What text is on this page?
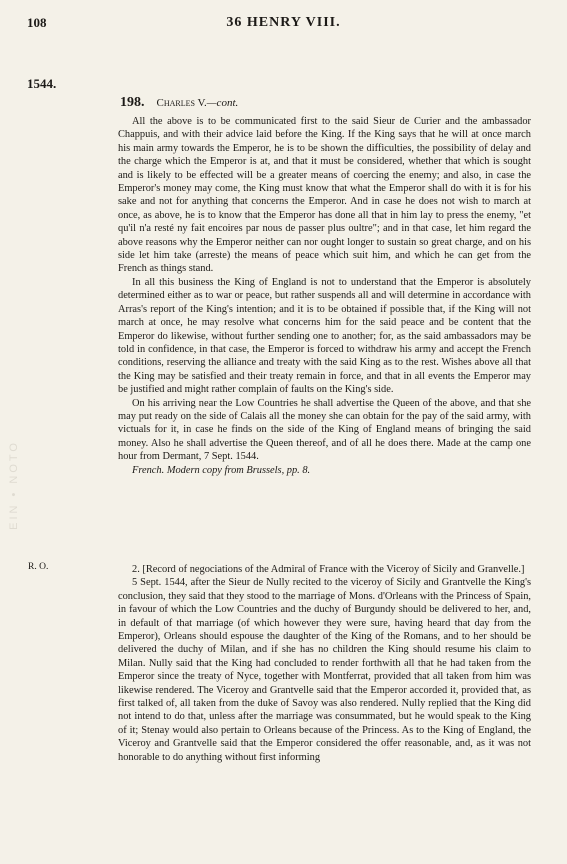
108	36 HENRY VIII.
1544.
R. O.
EIN • NOTO
198. Charles V.—cont.

All the above is to be communicated first to the said Sieur de Curier and the ambassador Chappuis, and with their advice laid before the King. If the King says that he will at once march his main army towards the Emperor, he is to be shown the difficulties, the possibility of delay and the charge which the Emperor is at, and that it must be considered, whether that which is sought and is likely to be effected will be a greater means of coercing the enemy; and also, in case the Emperor's money may come, the King must know that what the Emperor shall do with it is for his sake and not for anything that concerns the Emperor. And in case he does not wish to march at once, as above, he is to know that the Emperor has done all that in him lay to press the enemy, "et qu'il n'a resté ny fait encoires par nous de passer plus oultre"; and in that case, let him regard the above reasons why the Emperor neither can nor ought longer to sustain so great charge, and on his side let him take (arreste) the means of peace which suit him, and which he can get from the French as things stand.

In all this business the King of England is not to understand that the Emperor is absolutely determined either as to war or peace, but rather suspends all and will determine in accordance with Arras's report of the King's intention; and it is to be obtained if possible that, if the King will not march at once, he may resolve what concerns him for the said peace and be content that the Emperor do likewise, without further sending one to another; for, as the said ambassadors may be told in confidence, in that case, the Emperor is forced to withdraw his army and accept the French conditions, reserving the alliance and treaty with the said King as to the rest. Wishes above all that the King may be satisfied and their treaty remain in force, and that in all events the Emperor may be justified and might rather complain of faults on the King's side.

On his arriving near the Low Countries he shall advertise the Queen of the above, and that she may put ready on the side of Calais all the money she can obtain for the pay of the said army, with victuals for it, in case he finds on the side of the King of England means of bringing the said money. Also he shall advertise the Queen thereof, and of all he does there. Made at the camp one hour from Dermant, 7 Sept. 1544.

French. Modern copy from Brussels, pp. 8.

2. [Record of negociations of the Admiral of France with the Viceroy of Sicily and Granvelle.]

5 Sept. 1544, after the Sieur de Nully recited to the viceroy of Sicily and Grantvelle the King's conclusion, they said that they stood to the marriage of Mons. d'Orleans with the Princess of Spain, in favour of which the Low Countries and the duchy of Burgundy should be delivered to her, and, in default of that marriage (of which however they were sure, having heard that day from the Emperor), Orleans should espouse the daughter of the King of the Romans, and to her should be delivered the duchy of Milan, and if she has no children the King should resume his claim to Milan. Nully said that the King had concluded to render forthwith all that he had taken from the Emperor since the treaty of Nyce, together with Montferrat, provided that all taken from him was likewise rendered. The Viceroy and Grantvelle said that the Emperor accorded it, provided that, as first talked of, all taken from the duke of Savoy was also rendered. Nully replied that the King did not intend to do that, unless after the marriage was consummated, but he would speak to the King of it; Stenay would also pertain to Orleans because of the Princess. As to the King of England, the Viceroy and Grantvelle said that the Emperor considered the offer reasonable, and, as it was not honorable to do anything without first informing
